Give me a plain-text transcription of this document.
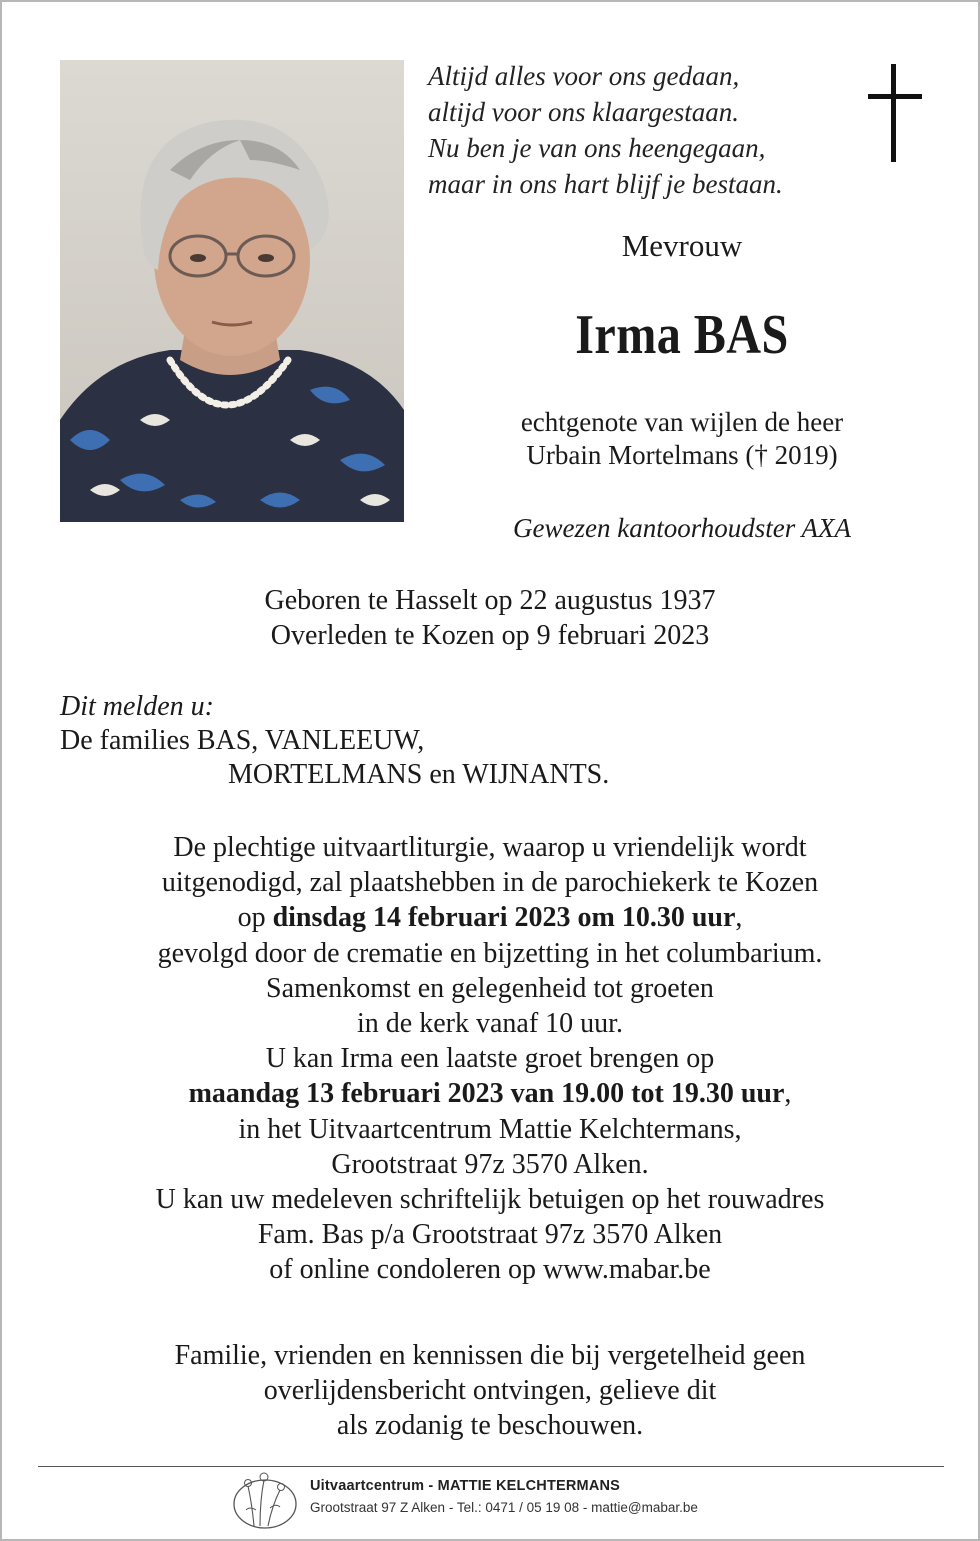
Altijd alles voor ons gedaan,
altijd voor ons klaargestaan.
Nu ben je van ons heengegaan,
maar in ons hart blijf je bestaan.
Mevrouw
Irma BAS
echtgenote van wijlen de heer
Urbain Mortelmans († 2019)
Gewezen kantoorhoudster AXA
Geboren te Hasselt op 22 augustus 1937
Overleden te Kozen op 9 februari 2023
Dit melden u:
De families BAS, VANLEEUW,
MORTELMANS en WIJNANTS.
De plechtige uitvaartliturgie, waarop u vriendelijk wordt
uitgenodigd, zal plaatshebben in de parochiekerk te Kozen
op dinsdag 14 februari 2023 om 10.30 uur,
gevolgd door de crematie en bijzetting in het columbarium.
Samenkomst en gelegenheid tot groeten
in de kerk vanaf 10 uur.
U kan Irma een laatste groet brengen op
maandag 13 februari 2023 van 19.00 tot 19.30 uur,
in het Uitvaartcentrum Mattie Kelchtermans,
Grootstraat 97z 3570 Alken.
U kan uw medeleven schriftelijk betuigen op het rouwadres
Fam. Bas p/a Grootstraat 97z 3570 Alken
of online condoleren op www.mabar.be
Familie, vrienden en kennissen die bij vergetelheid geen
overlijdensbericht ontvingen, gelieve dit
als zodanig te beschouwen.
Uitvaartcentrum - MATTIE KELCHTERMANS
Grootstraat 97 Z Alken - Tel.: 0471 / 05 19 08 - mattie@mabar.be
